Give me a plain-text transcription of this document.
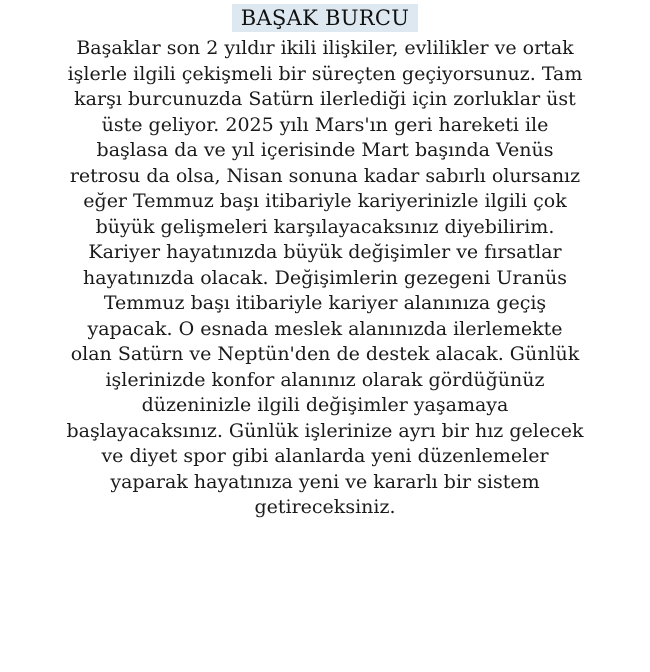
BAŞAK BURCU

Başaklar son 2 yıldır ikili ilişkiler, evlilikler ve ortak
işlerle ilgili çekişmeli bir süreçten geçiyorsunuz. Tam
karşı burcunuzda Satürn ilerlediği için zorluklar üst
üste geliyor. 2025 yılı Mars'ın geri hareketi ile
başlasa da ve yıl içerisinde Mart başında Venüs
retrosu da olsa, Nisan sonuna kadar sabırlı olursanız
eğer Temmuz başı itibariyle kariyerinizle ilgili çok
büyük gelişmeleri karşılayacaksınız diyebilirim.
Kariyer hayatınızda büyük değişimler ve fırsatlar
hayatınızda olacak. Değişimlerin gezegeni Uranüs
Temmuz başı itibariyle kariyer alanınıza geçiş
yapacak. O esnada meslek alanınızda ilerlemekte
olan Satürn ve Neptün'den de destek alacak. Günlük
işlerinizde konfor alanınız olarak gördüğünüz
düzeninizle ilgili değişimler yaşamaya
başlayacaksınız. Günlük işlerinize ayrı bir hız gelecek
ve diyet spor gibi alanlarda yeni düzenlemeler
yaparak hayatınıza yeni ve kararlı bir sistem
getireceksiniz.
